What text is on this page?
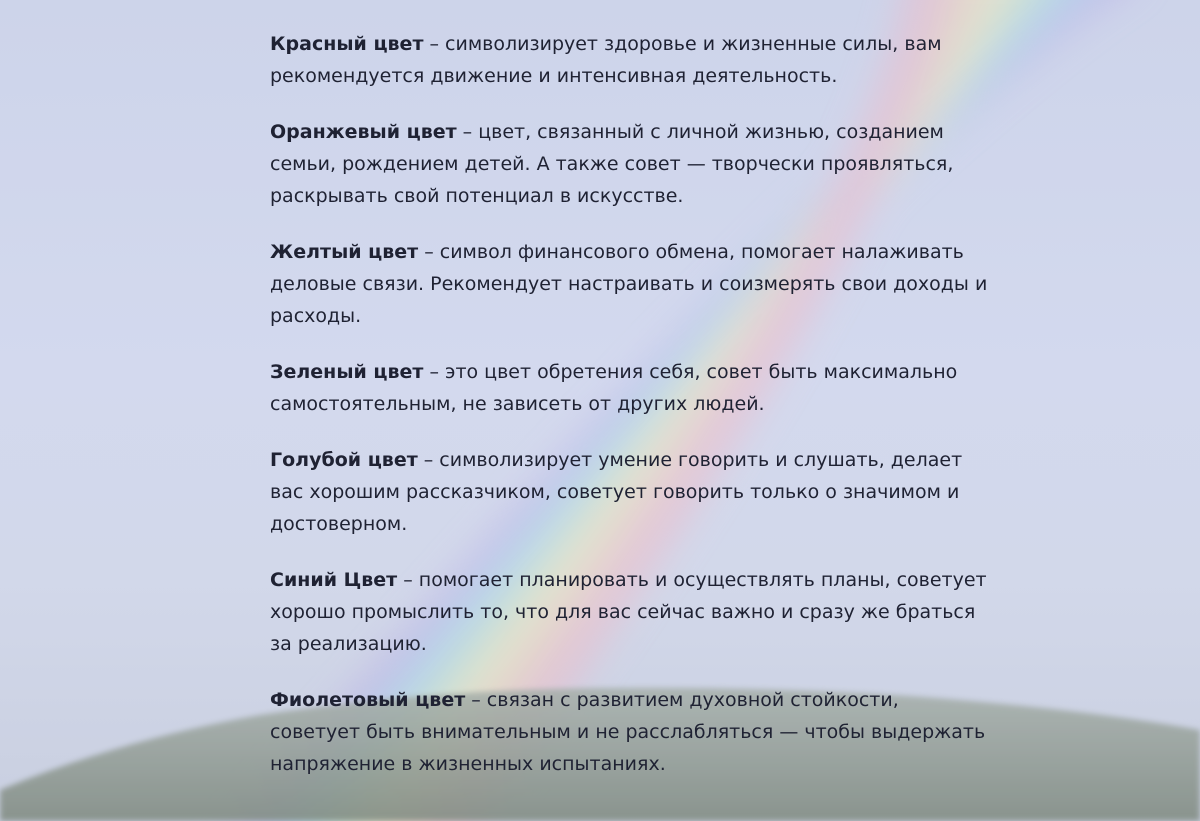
Красный цвет – символизирует здоровье и жизненные силы, вам рекомендуется движение и интенсивная деятельность.

Оранжевый цвет – цвет, связанный с личной жизнью, созданием семьи, рождением детей. А также совет — творчески проявляться, раскрывать свой потенциал в искусстве.

Желтый цвет – символ финансового обмена, помогает налаживать деловые связи. Рекомендует настраивать и соизмерять свои доходы и расходы.

Зеленый цвет – это цвет обретения себя, совет быть максимально самостоятельным, не зависеть от других людей.

Голубой цвет – символизирует умение говорить и слушать, делает вас хорошим рассказчиком, советует говорить только о значимом и достоверном.

Синий Цвет – помогает планировать и осуществлять планы, советует хорошо промыслить то, что для вас сейчас важно и сразу же браться за реализацию.

Фиолетовый цвет – связан с развитием духовной стойкости, советует быть внимательным и не расслабляться — чтобы выдержать напряжение в жизненных испытаниях.
